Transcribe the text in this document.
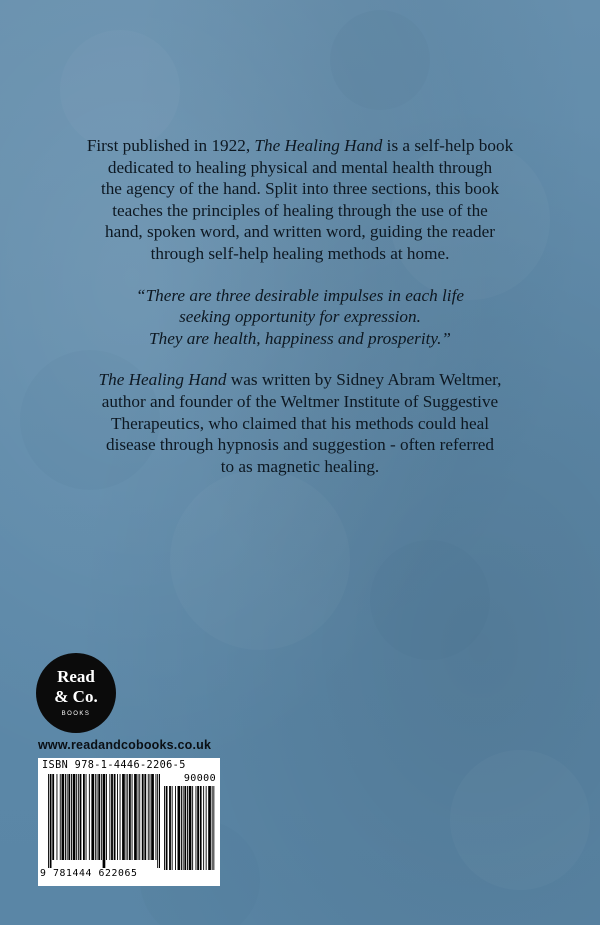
First published in 1922, The Healing Hand is a self-help book
dedicated to healing physical and mental health through
the agency of the hand. Split into three sections, this book
teaches the principles of healing through the use of the
hand, spoken word, and written word, guiding the reader
through self-help healing methods at home.

“There are three desirable impulses in each life
seeking opportunity for expression.
They are health, happiness and prosperity.”

The Healing Hand was written by Sidney Abram Weltmer,
author and founder of the Weltmer Institute of Suggestive
Therapeutics, who claimed that his methods could heal
disease through hypnosis and suggestion - often referred
to as magnetic healing.

Read
& Co.
BOOKS
www.readandcobooks.co.uk
ISBN 978-1-4446-2206-5
90000
9 781444 622065
